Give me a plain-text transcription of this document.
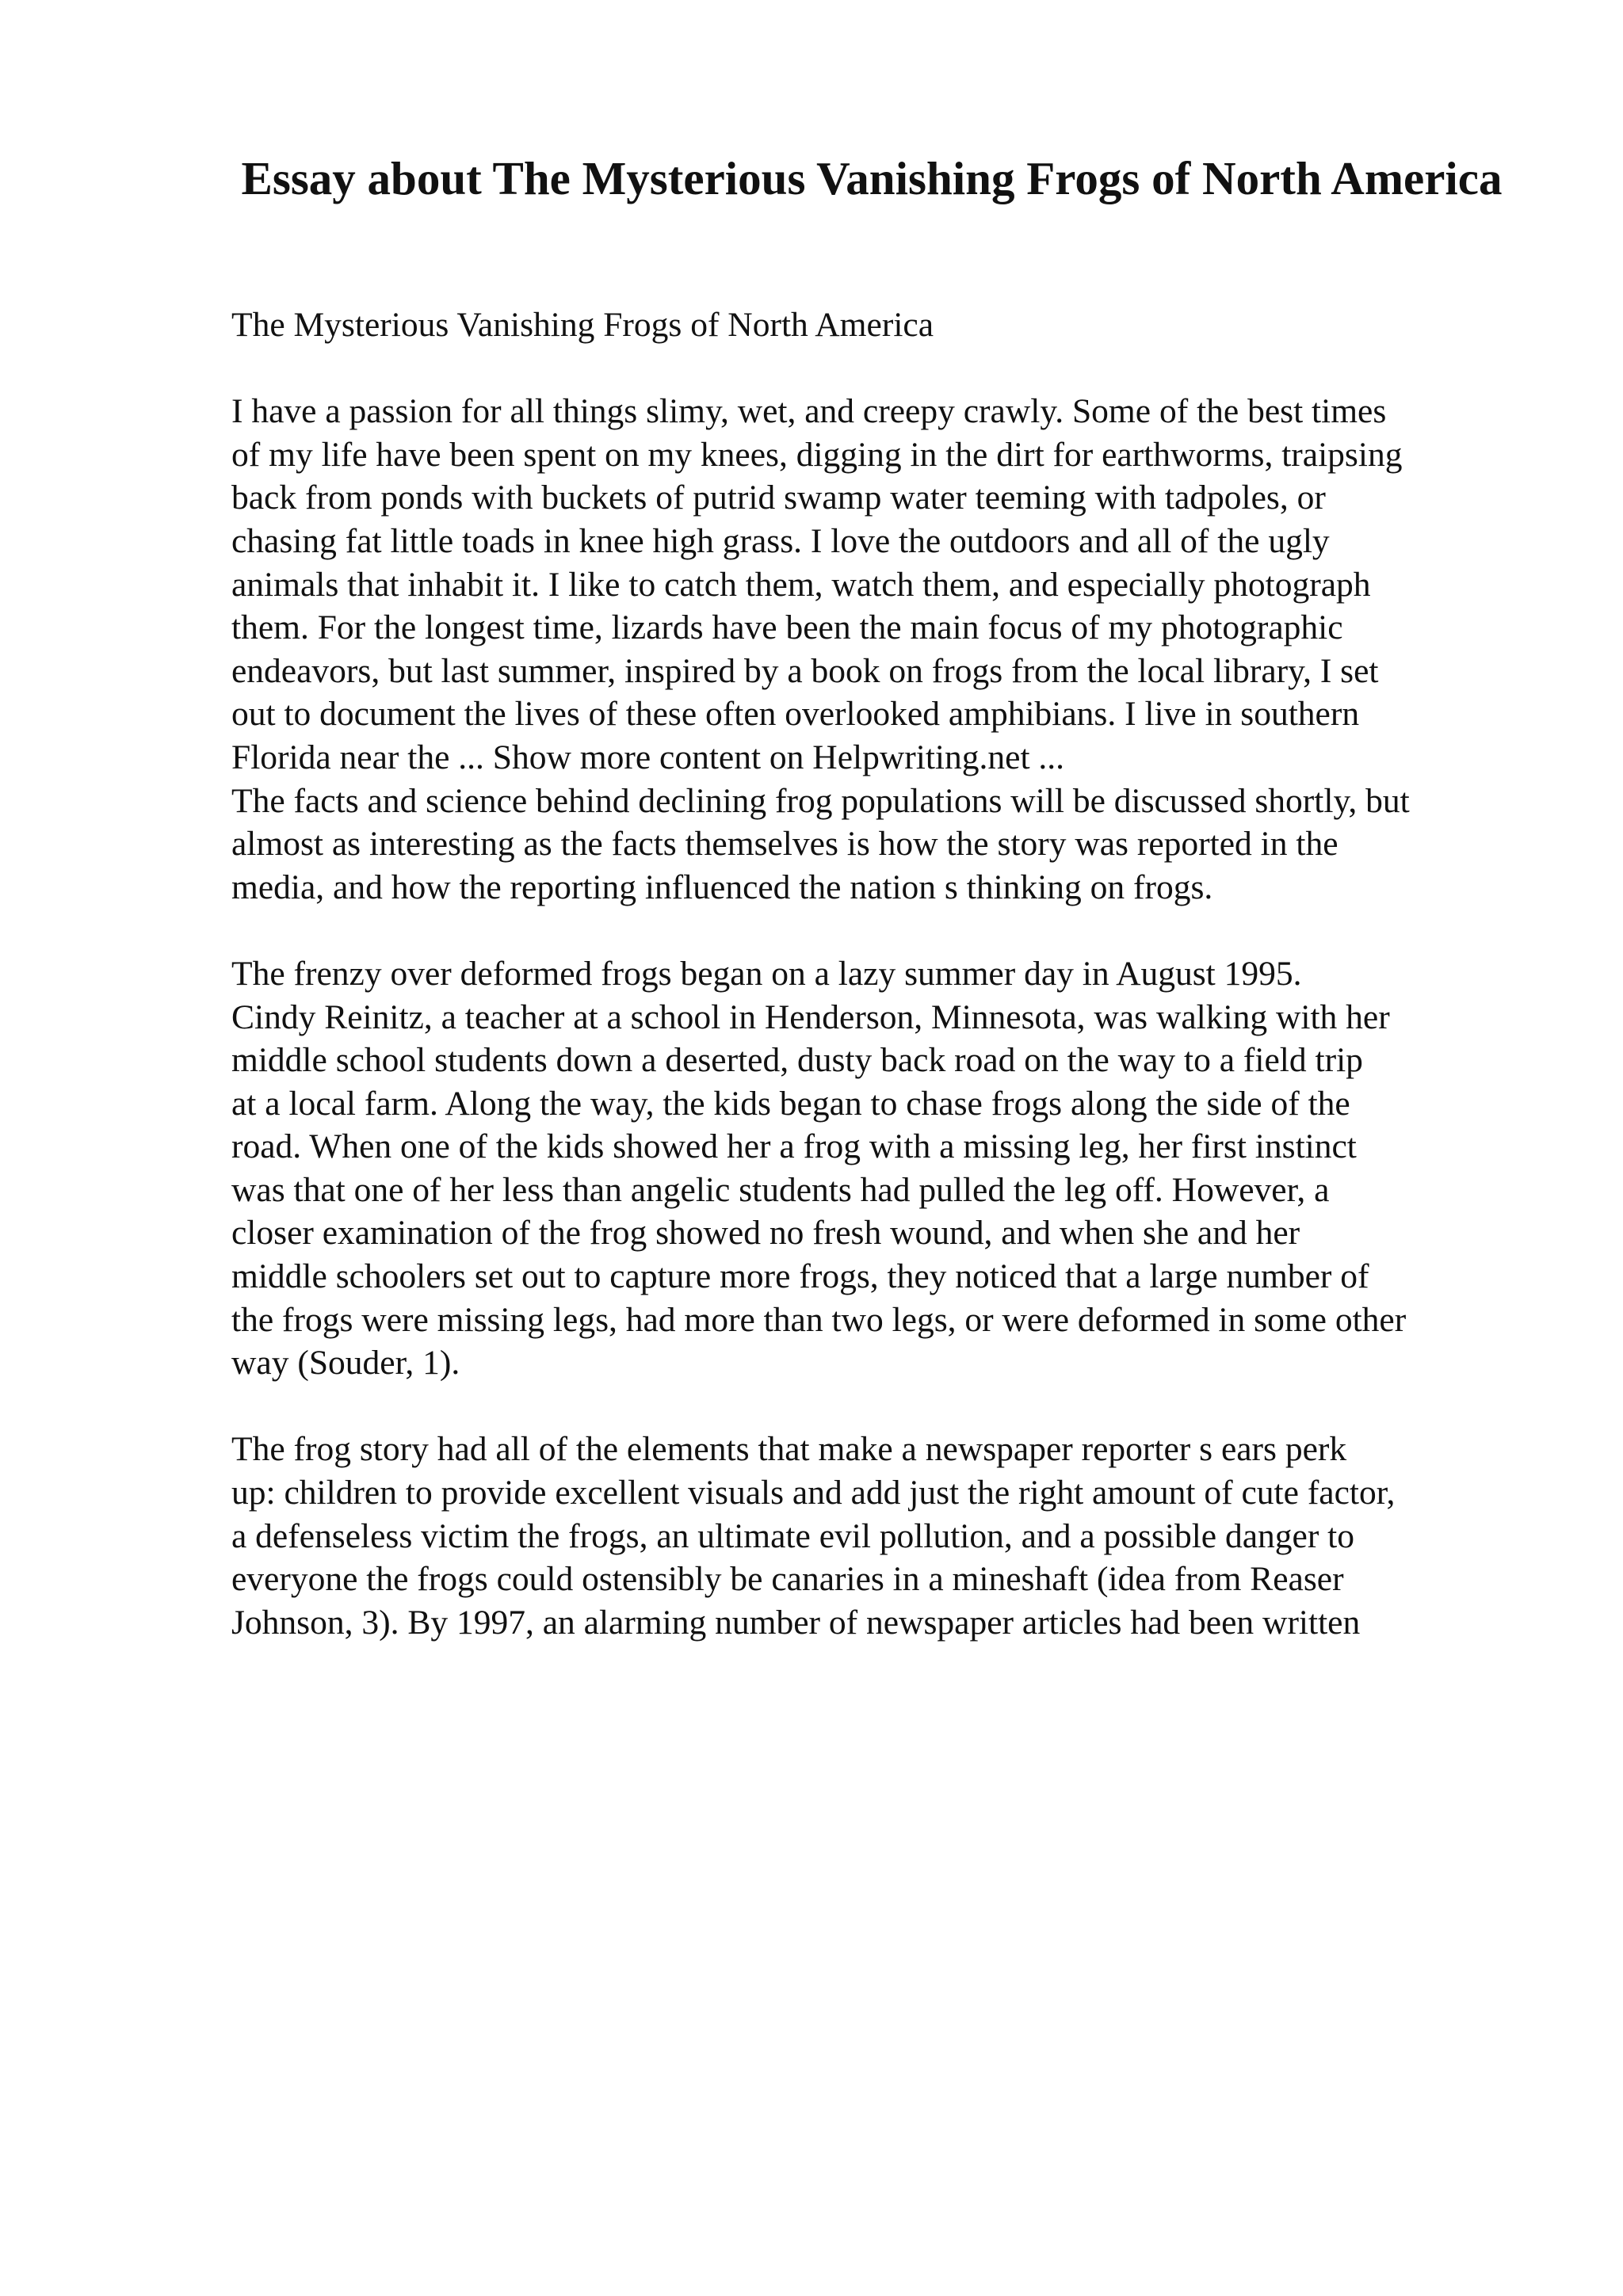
Essay about The Mysterious Vanishing Frogs of North America
The Mysterious Vanishing Frogs of North America
I have a passion for all things slimy, wet, and creepy crawly. Some of the best times
of my life have been spent on my knees, digging in the dirt for earthworms, traipsing
back from ponds with buckets of putrid swamp water teeming with tadpoles, or
chasing fat little toads in knee high grass. I love the outdoors and all of the ugly
animals that inhabit it. I like to catch them, watch them, and especially photograph
them. For the longest time, lizards have been the main focus of my photographic
endeavors, but last summer, inspired by a book on frogs from the local library, I set
out to document the lives of these often overlooked amphibians. I live in southern
Florida near the ... Show more content on Helpwriting.net ...
The facts and science behind declining frog populations will be discussed shortly, but
almost as interesting as the facts themselves is how the story was reported in the
media, and how the reporting influenced the nation s thinking on frogs.
The frenzy over deformed frogs began on a lazy summer day in August 1995.
Cindy Reinitz, a teacher at a school in Henderson, Minnesota, was walking with her
middle school students down a deserted, dusty back road on the way to a field trip
at a local farm. Along the way, the kids began to chase frogs along the side of the
road. When one of the kids showed her a frog with a missing leg, her first instinct
was that one of her less than angelic students had pulled the leg off. However, a
closer examination of the frog showed no fresh wound, and when she and her
middle schoolers set out to capture more frogs, they noticed that a large number of
the frogs were missing legs, had more than two legs, or were deformed in some other
way (Souder, 1).
The frog story had all of the elements that make a newspaper reporter s ears perk
up: children to provide excellent visuals and add just the right amount of cute factor,
a defenseless victim the frogs, an ultimate evil pollution, and a possible danger to
everyone the frogs could ostensibly be canaries in a mineshaft (idea from Reaser
Johnson, 3). By 1997, an alarming number of newspaper articles had been written
